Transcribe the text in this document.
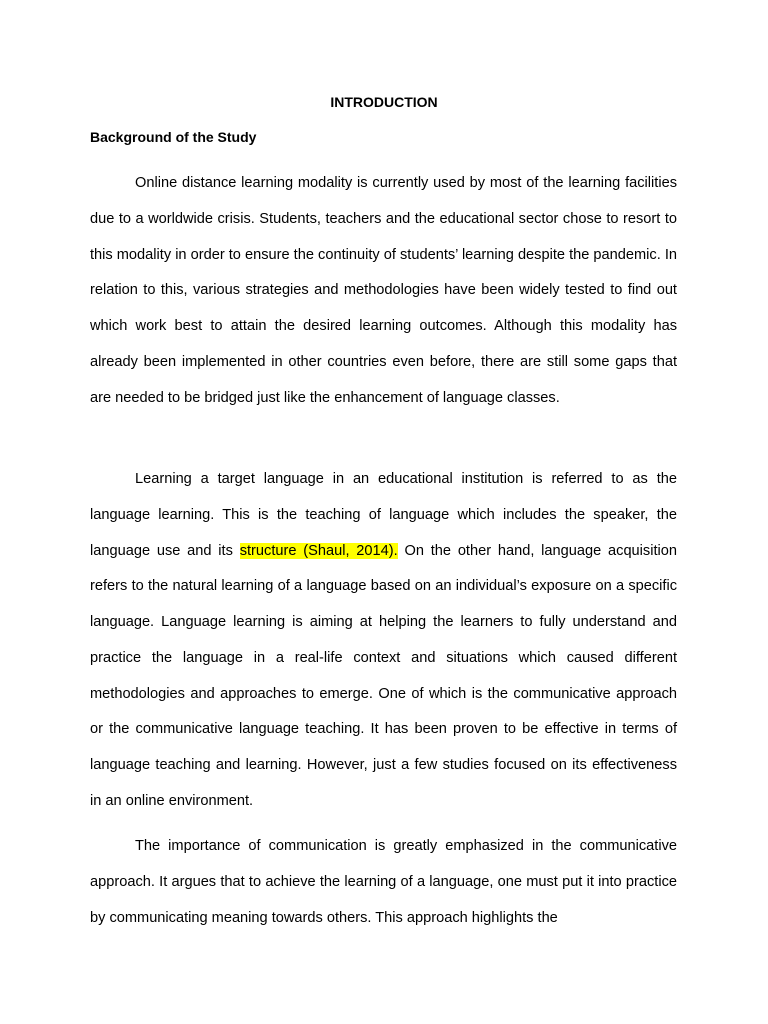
INTRODUCTION
Background of the Study

Online distance learning modality is currently used by most of the learning facilities due to a worldwide crisis. Students, teachers and the educational sector chose to resort to this modality in order to ensure the continuity of students’ learning despite the pandemic. In relation to this, various strategies and methodologies have been widely tested to find out which work best to attain the desired learning outcomes. Although this modality has already been implemented in other countries even before, there are still some gaps that are needed to be bridged just like the enhancement of language classes.

Learning a target language in an educational institution is referred to as the language learning. This is the teaching of language which includes the speaker, the language use and its structure (Shaul, 2014). On the other hand, language acquisition refers to the natural learning of a language based on an individual’s exposure on a specific language. Language learning is aiming at helping the learners to fully understand and practice the language in a real-life context and situations which caused different methodologies and approaches to emerge. One of which is the communicative approach or the communicative language teaching. It has been proven to be effective in terms of language teaching and learning. However, just a few studies focused on its effectiveness in an online environment.

The importance of communication is greatly emphasized in the communicative approach. It argues that to achieve the learning of a language, one must put it into practice by communicating meaning towards others. This approach highlights the
